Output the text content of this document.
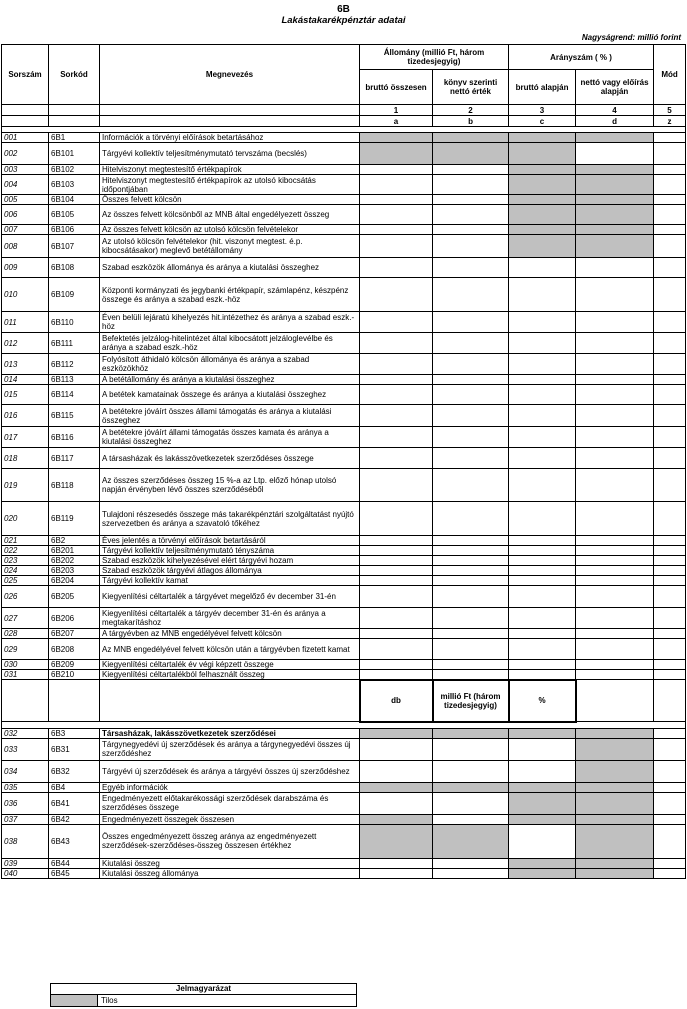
6B
Lakástakarékpénztár adatai
Nagyságrend: millió forint
Sorszám	Sorkód	Megnevezés	Állomány (millió Ft, három tizedesjegyig)		Arányszám ( % )		Mód
			bruttó összesen	könyv szerinti nettó érték	bruttó alapján	nettó vagy előírás alapján	
			1	2	3	4	5
			a	b	c	d	z

001	6B1	Információk a törvényi előírások betartásához					
002	6B101	Tárgyévi kollektív teljesítménymutató tervszáma (becslés)					
003	6B102	Hitelviszonyt megtestesítő értékpapírok					
004	6B103	Hitelviszonyt megtestesítő értékpapírok az utolsó kibocsátás időpontjában					
005	6B104	Összes felvett kölcsön					
006	6B105	Az összes felvett kölcsönből az MNB által engedélyezett összeg					
007	6B106	Az összes felvett kölcsön az utolsó kölcsön felvételekor					
008	6B107	Az utolsó kölcsön felvételekor (hit. viszonyt megtest. é.p. kibocsátásakor) meglevő betétállomány					
009	6B108	Szabad eszközök állománya és aránya a kiutalási összeghez					
010	6B109	Központi kormányzati és jegybanki értékpapír, számlapénz, készpénz összege és aránya a szabad eszk.-höz					
011	6B110	Éven belüli lejáratú kihelyezés hit.intézethez és aránya a szabad eszk.-höz					
012	6B111	Befektetés jelzálog-hitelintézet által kibocsátott jelzáloglevélbe és aránya a szabad eszk.-höz					
013	6B112	Folyósított áthidaló kölcsön állománya és aránya a szabad eszközökhöz					
014	6B113	A betétállomány és aránya a kiutalási összeghez					
015	6B114	A betétek kamatainak összege és aránya a kiutalási összeghez					
016	6B115	A betétekre jóváírt összes állami támogatás és aránya a kiutalási összeghez					
017	6B116	A betétekre jóváírt állami támogatás összes kamata és aránya a kiutalási összeghez					
018	6B117	A társasházak és lakásszövetkezetek szerződéses összege					
019	6B118	Az összes szerződéses összeg 15 %-a az Ltp. előző hónap utolsó napján érvényben lévő összes szerződéséből					
020	6B119	Tulajdoni részesedés összege más takarékpénztári szolgáltatást nyújtó szervezetben és aránya a szavatoló tőkéhez					
021	6B2	Éves jelentés a törvényi előírások betartásáról					
022	6B201	Tárgyévi kollektív teljesítménymutató tényszáma					
023	6B202	Szabad eszközök kihelyezésével elért tárgyévi hozam					
024	6B203	Szabad eszközök tárgyévi átlagos állománya					
025	6B204	Tárgyévi kollektív kamat					
026	6B205	Kiegyenlítési céltartalék a tárgyévet megelőző év december 31-én					
027	6B206	Kiegyenlítési céltartalék a tárgyév december 31-én és aránya a megtakarításhoz					
028	6B207	A tárgyévben az MNB engedélyével felvett kölcsön					
029	6B208	Az MNB engedélyével felvett kölcsön után a tárgyévben fizetett kamat					
030	6B209	Kiegyenlítési céltartalék év végi képzett összege					
031	6B210	Kiegyenlítési céltartalékból felhasznált összeg					
			db	millió Ft (három tizedesjegyig)	%		

032	6B3	Társasházak, lakásszövetkezetek szerződései					
033	6B31	Tárgynegyedévi új szerződések és aránya a tárgynegyedévi összes új szerződéshez					
034	6B32	Tárgyévi új szerződések és aránya a tárgyévi összes új szerződéshez					
035	6B4	Egyéb információk					
036	6B41	Engedményezett előtakarékossági szerződések darabszáma és szerződéses összege					
037	6B42	Engedményezett összegek összesen					
038	6B43	Összes engedményezett összeg aránya az engedményezett szerződések-szerződéses-összeg összesen értékhez					
039	6B44	Kiutalási összeg					
040	6B45	Kiutalási összeg állománya					
Jelmagyarázat
Tilos
